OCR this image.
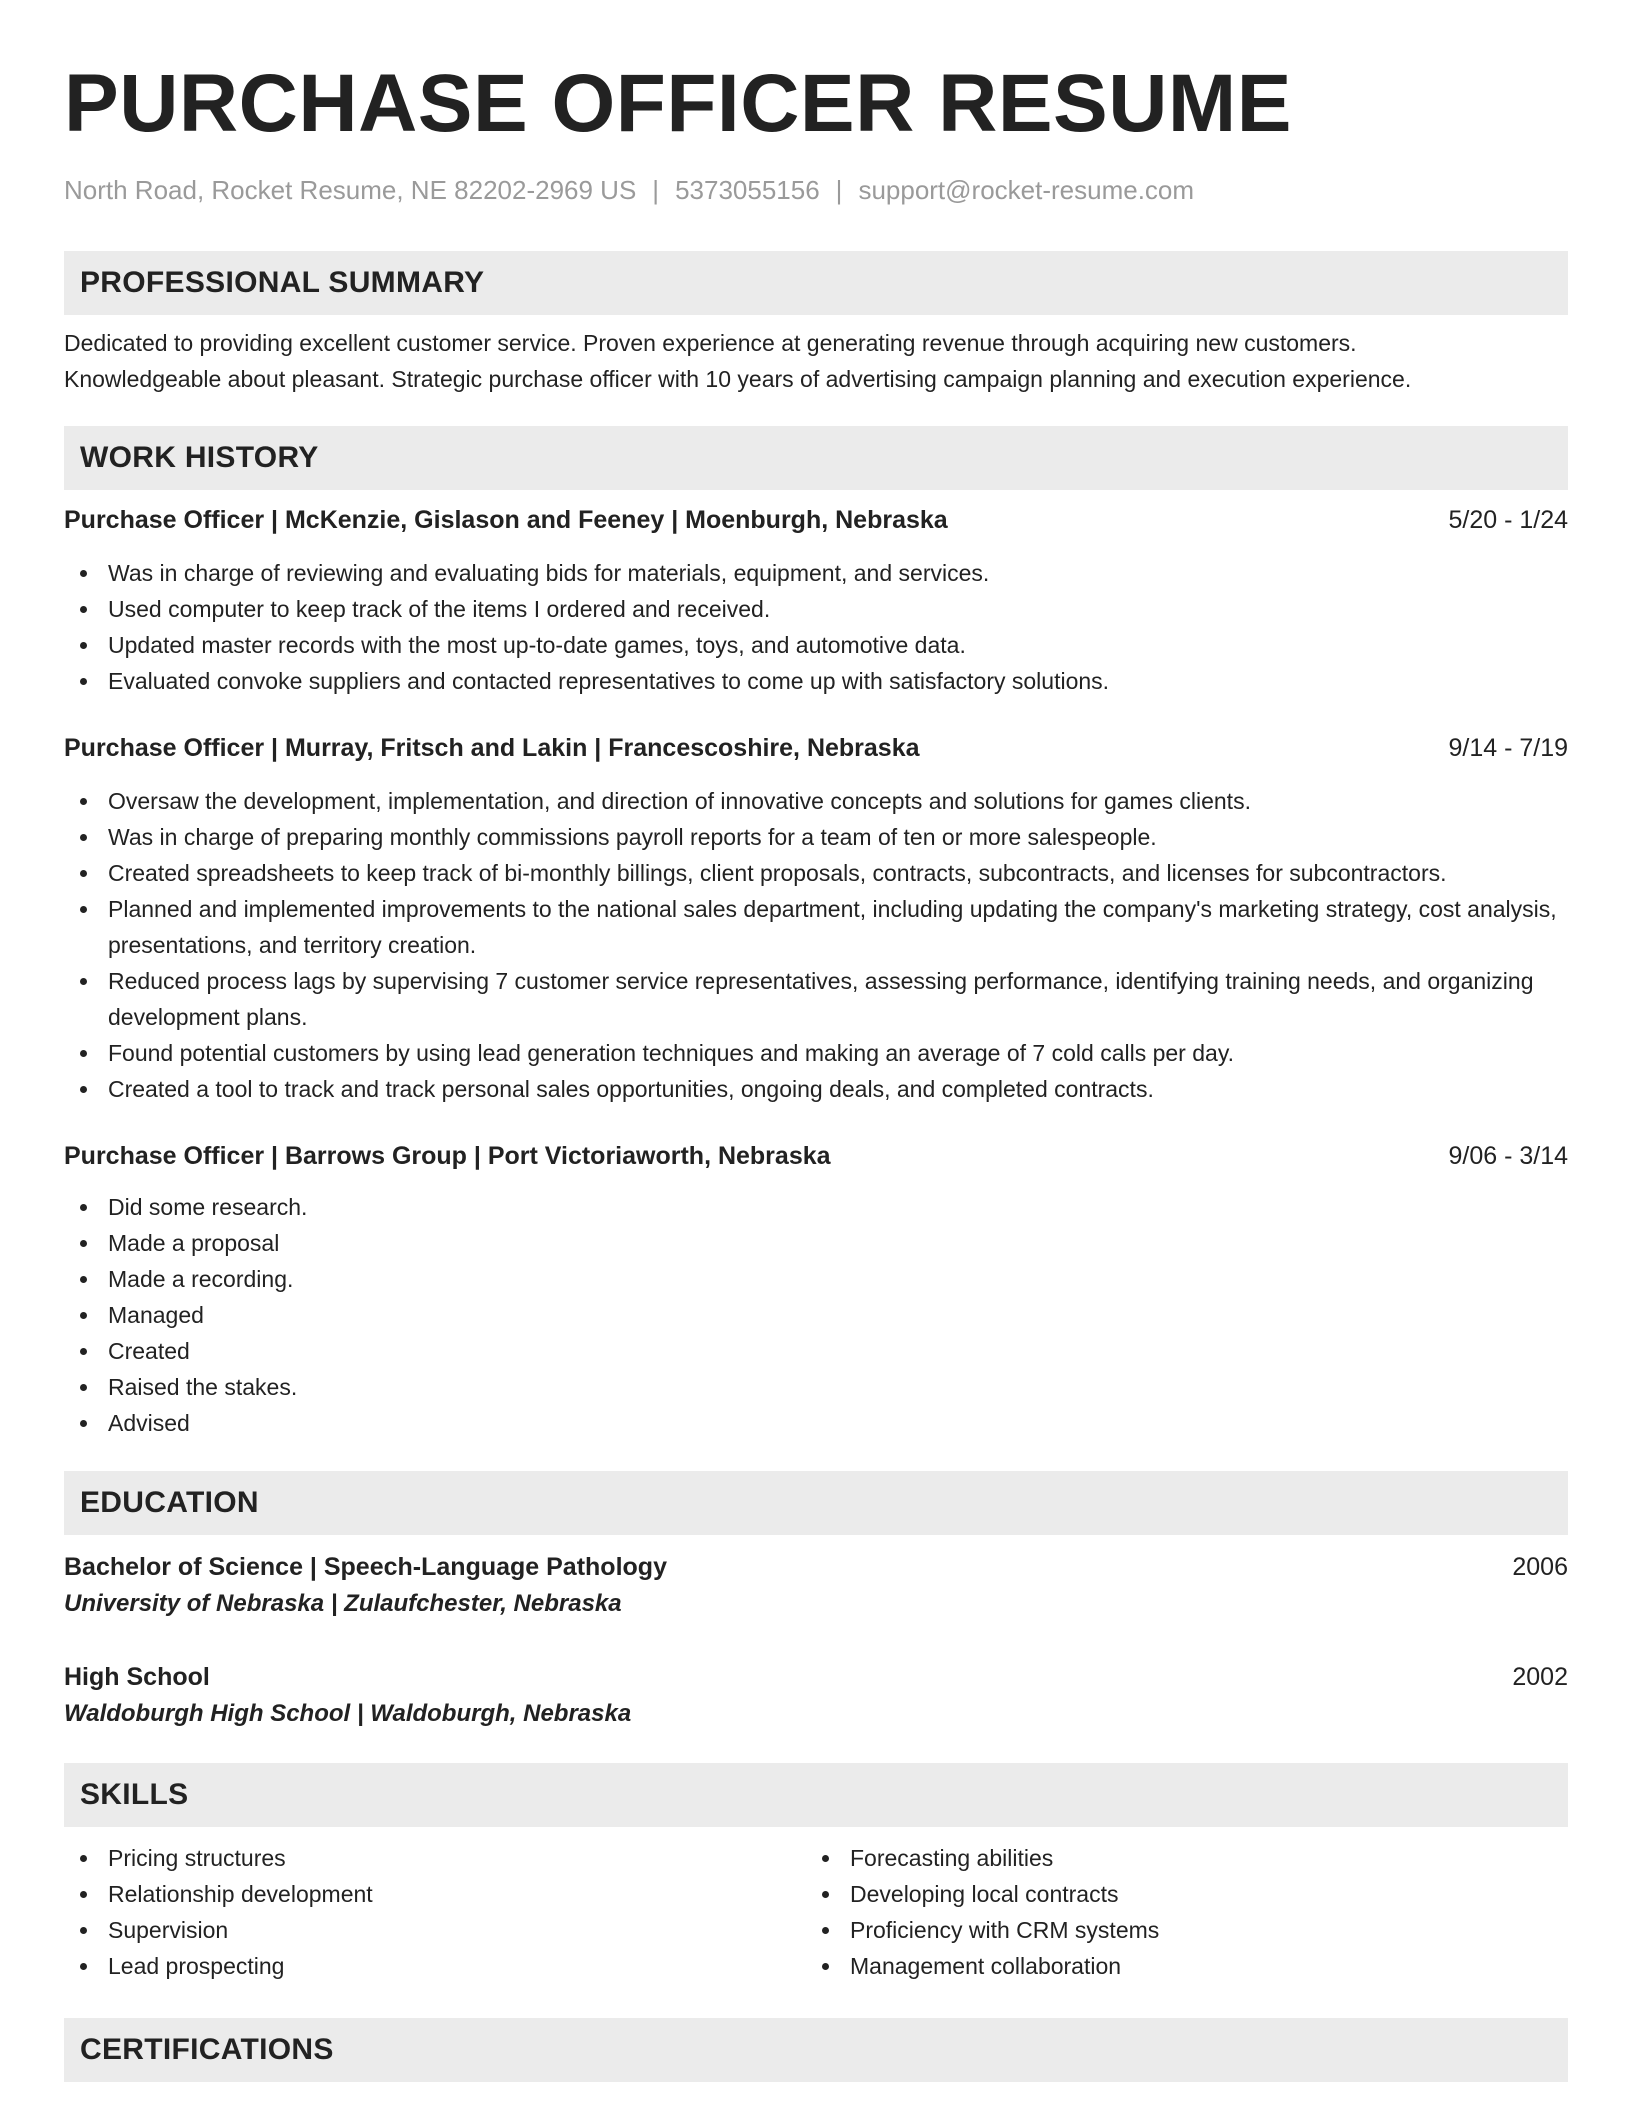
PURCHASE OFFICER RESUME
North Road, Rocket Resume, NE 82202-2969 US | 5373055156 | support@rocket-resume.com
PROFESSIONAL SUMMARY
Dedicated to providing excellent customer service. Proven experience at generating revenue through acquiring new customers.
Knowledgeable about pleasant. Strategic purchase officer with 10 years of advertising campaign planning and execution experience.
WORK HISTORY
Purchase Officer | McKenzie, Gislason and Feeney | Moenburgh, Nebraska	5/20 - 1/24
Was in charge of reviewing and evaluating bids for materials, equipment, and services.
Used computer to keep track of the items I ordered and received.
Updated master records with the most up-to-date games, toys, and automotive data.
Evaluated convoke suppliers and contacted representatives to come up with satisfactory solutions.
Purchase Officer | Murray, Fritsch and Lakin | Francescoshire, Nebraska	9/14 - 7/19
Oversaw the development, implementation, and direction of innovative concepts and solutions for games clients.
Was in charge of preparing monthly commissions payroll reports for a team of ten or more salespeople.
Created spreadsheets to keep track of bi-monthly billings, client proposals, contracts, subcontracts, and licenses for subcontractors.
Planned and implemented improvements to the national sales department, including updating the company's marketing strategy, cost analysis, presentations, and territory creation.
Reduced process lags by supervising 7 customer service representatives, assessing performance, identifying training needs, and organizing development plans.
Found potential customers by using lead generation techniques and making an average of 7 cold calls per day.
Created a tool to track and track personal sales opportunities, ongoing deals, and completed contracts.
Purchase Officer | Barrows Group | Port Victoriaworth, Nebraska	9/06 - 3/14
Did some research.
Made a proposal
Made a recording.
Managed
Created
Raised the stakes.
Advised
EDUCATION
Bachelor of Science | Speech-Language Pathology	2006
University of Nebraska | Zulaufchester, Nebraska
High School	2002
Waldoburgh High School | Waldoburgh, Nebraska
SKILLS
Pricing structures
Relationship development
Supervision
Lead prospecting
Forecasting abilities
Developing local contracts
Proficiency with CRM systems
Management collaboration
CERTIFICATIONS
